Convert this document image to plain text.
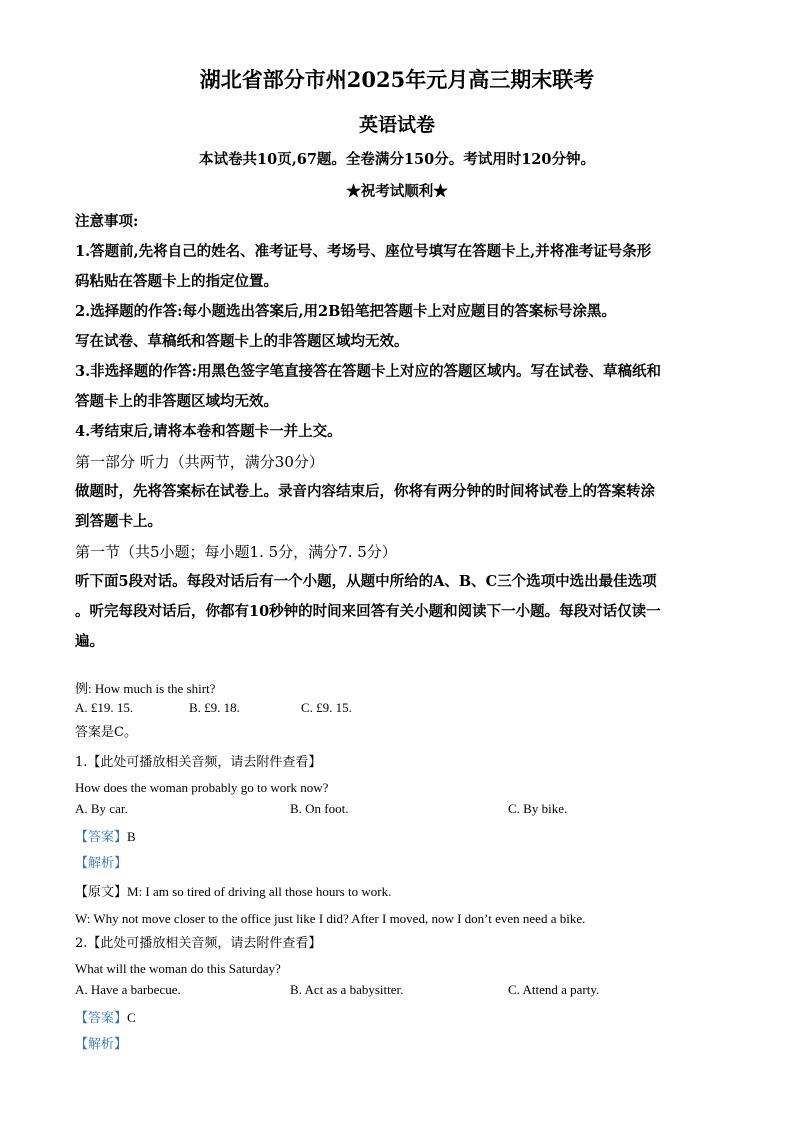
湖北省部分市州2025年元月高三期末联考
英语试卷
本试卷共10页,67题。全卷满分150分。考试用时120分钟。
★祝考试顺利★
注意事项:
1.答题前,先将自己的姓名、准考证号、考场号、座位号填写在答题卡上,并将准考证号条形
码粘贴在答题卡上的指定位置。
2.选择题的作答:每小题选出答案后,用2B铅笔把答题卡上对应题目的答案标号涂黑。
写在试卷、草稿纸和答题卡上的非答题区域均无效。
3.非选择题的作答:用黑色签字笔直接答在答题卡上对应的答题区域内。写在试卷、草稿纸和
答题卡上的非答题区域均无效。
4.考结束后,请将本卷和答题卡一并上交。
第一部分 听力（共两节，满分30分）
做题时，先将答案标在试卷上。录音内容结束后，你将有两分钟的时间将试卷上的答案转涂
到答题卡上。
第一节（共5小题；每小题1. 5分，满分7. 5分）
听下面5段对话。每段对话后有一个小题，从题中所给的A、B、C三个选项中选出最佳选项
。听完每段对话后，你都有10秒钟的时间来回答有关小题和阅读下一小题。每段对话仅读一
遍。
例: How much is the shirt?
A. £19. 15.	B. £9. 18.	C. £9. 15.
答案是C。
1.【此处可播放相关音频，请去附件查看】
How does the woman probably go to work now?
A. By car.	B. On foot.	C. By bike.
【答案】B
【解析】
【原文】M: I am so tired of driving all those hours to work.
W: Why not move closer to the office just like I did? After I moved, now I don’t even need a bike.
2.【此处可播放相关音频，请去附件查看】
What will the woman do this Saturday?
A. Have a barbecue.	B. Act as a babysitter.	C. Attend a party.
【答案】C
【解析】
